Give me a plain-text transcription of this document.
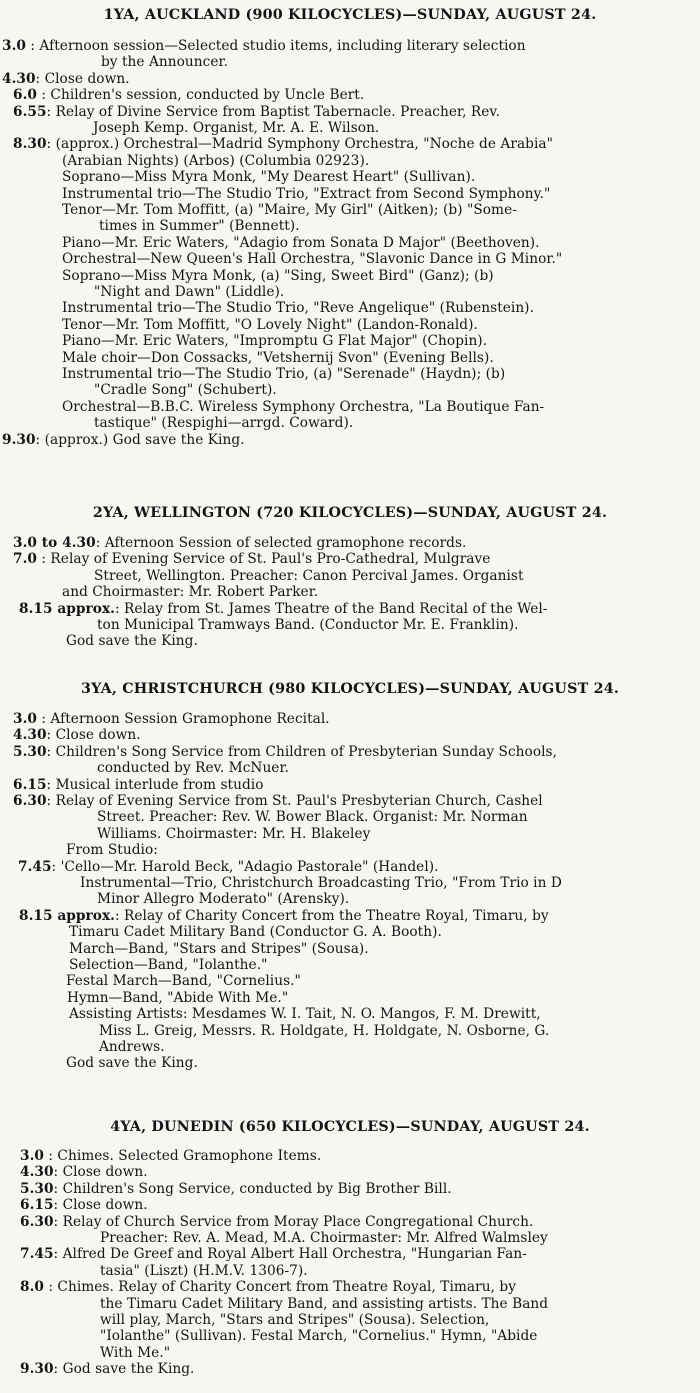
1YA, AUCKLAND (900 KILOCYCLES)—SUNDAY, AUGUST 24.
3.0 : Afternoon session—Selected studio items, including literary selection
by the Announcer.
4.30: Close down.
6.0 : Children's session, conducted by Uncle Bert.
6.55: Relay of Divine Service from Baptist Tabernacle. Preacher, Rev.
Joseph Kemp. Organist, Mr. A. E. Wilson.
8.30: (approx.) Orchestral—Madrid Symphony Orchestra, "Noche de Arabia"
(Arabian Nights) (Arbos) (Columbia 02923).
Soprano—Miss Myra Monk, "My Dearest Heart" (Sullivan).
Instrumental trio—The Studio Trio, "Extract from Second Symphony."
Tenor—Mr. Tom Moffitt, (a) "Maire, My Girl" (Aitken); (b) "Some-
times in Summer" (Bennett).
Piano—Mr. Eric Waters, "Adagio from Sonata D Major" (Beethoven).
Orchestral—New Queen's Hall Orchestra, "Slavonic Dance in G Minor."
Soprano—Miss Myra Monk, (a) "Sing, Sweet Bird" (Ganz); (b)
"Night and Dawn" (Liddle).
Instrumental trio—The Studio Trio, "Reve Angelique" (Rubenstein).
Tenor—Mr. Tom Moffitt, "O Lovely Night" (Landon-Ronald).
Piano—Mr. Eric Waters, "Impromptu G Flat Major" (Chopin).
Male choir—Don Cossacks, "Vetshernij Svon" (Evening Bells).
Instrumental trio—The Studio Trio, (a) "Serenade" (Haydn); (b)
"Cradle Song" (Schubert).
Orchestral—B.B.C. Wireless Symphony Orchestra, "La Boutique Fan-
tastique" (Respighi—arrgd. Coward).
9.30: (approx.) God save the King.
2YA, WELLINGTON (720 KILOCYCLES)—SUNDAY, AUGUST 24.
3.0 to 4.30: Afternoon Session of selected gramophone records.
7.0 : Relay of Evening Service of St. Paul's Pro-Cathedral, Mulgrave
Street, Wellington. Preacher: Canon Percival James. Organist
and Choirmaster: Mr. Robert Parker.
8.15 approx.: Relay from St. James Theatre of the Band Recital of the Wel-
ton Municipal Tramways Band. (Conductor Mr. E. Franklin).
God save the King.
3YA, CHRISTCHURCH (980 KILOCYCLES)—SUNDAY, AUGUST 24.
3.0 : Afternoon Session Gramophone Recital.
4.30: Close down.
5.30: Children's Song Service from Children of Presbyterian Sunday Schools,
conducted by Rev. McNuer.
6.15: Musical interlude from studio
6.30: Relay of Evening Service from St. Paul's Presbyterian Church, Cashel
Street. Preacher: Rev. W. Bower Black. Organist: Mr. Norman
Williams. Choirmaster: Mr. H. Blakeley
From Studio:
7.45: 'Cello—Mr. Harold Beck, "Adagio Pastorale" (Handel).
Instrumental—Trio, Christchurch Broadcasting Trio, "From Trio in D
Minor Allegro Moderato" (Arensky).
8.15 approx.: Relay of Charity Concert from the Theatre Royal, Timaru, by
Timaru Cadet Military Band (Conductor G. A. Booth).
March—Band, "Stars and Stripes" (Sousa).
Selection—Band, "Iolanthe."
Festal March—Band, "Cornelius."
Hymn—Band, "Abide With Me."
Assisting Artists: Mesdames W. I. Tait, N. O. Mangos, F. M. Drewitt,
Miss L. Greig, Messrs. R. Holdgate, H. Holdgate, N. Osborne, G.
Andrews.
God save the King.
4YA, DUNEDIN (650 KILOCYCLES)—SUNDAY, AUGUST 24.
3.0 : Chimes. Selected Gramophone Items.
4.30: Close down.
5.30: Children's Song Service, conducted by Big Brother Bill.
6.15: Close down.
6.30: Relay of Church Service from Moray Place Congregational Church.
Preacher: Rev. A. Mead, M.A. Choirmaster: Mr. Alfred Walmsley
7.45: Alfred De Greef and Royal Albert Hall Orchestra, "Hungarian Fan-
tasia" (Liszt) (H.M.V. 1306-7).
8.0 : Chimes. Relay of Charity Concert from Theatre Royal, Timaru, by
the Timaru Cadet Military Band, and assisting artists. The Band
will play, March, "Stars and Stripes" (Sousa). Selection,
"Iolanthe" (Sullivan). Festal March, "Cornelius." Hymn, "Abide
With Me."
9.30: God save the King.
